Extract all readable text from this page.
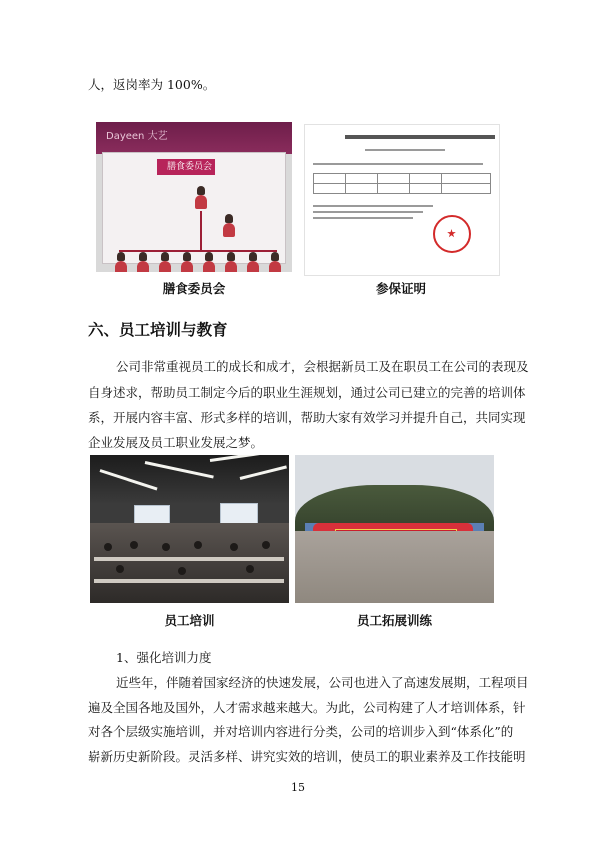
人，返岗率为 100%。
Dayeen 大艺
膳食委员会
膳食委员会	参保证明
六、员工培训与教育
公司非常重视员工的成长和成才，会根据新员工及在职员工在公司的表现及
自身述求，帮助员工制定今后的职业生涯规划，通过公司已建立的完善的培训体
系，开展内容丰富、形式多样的培训，帮助大家有效学习并提升自己，共同实现
企业发展及员工职业发展之梦。
员工培训	员工拓展训练
1、强化培训力度
近些年，伴随着国家经济的快速发展，公司也进入了高速发展期，工程项目
遍及全国各地及国外，人才需求越来越大。为此，公司构建了人才培训体系，针
对各个层级实施培训，并对培训内容进行分类，公司的培训步入到“体系化”的
崭新历史新阶段。灵活多样、讲究实效的培训，使员工的职业素养及工作技能明
15
